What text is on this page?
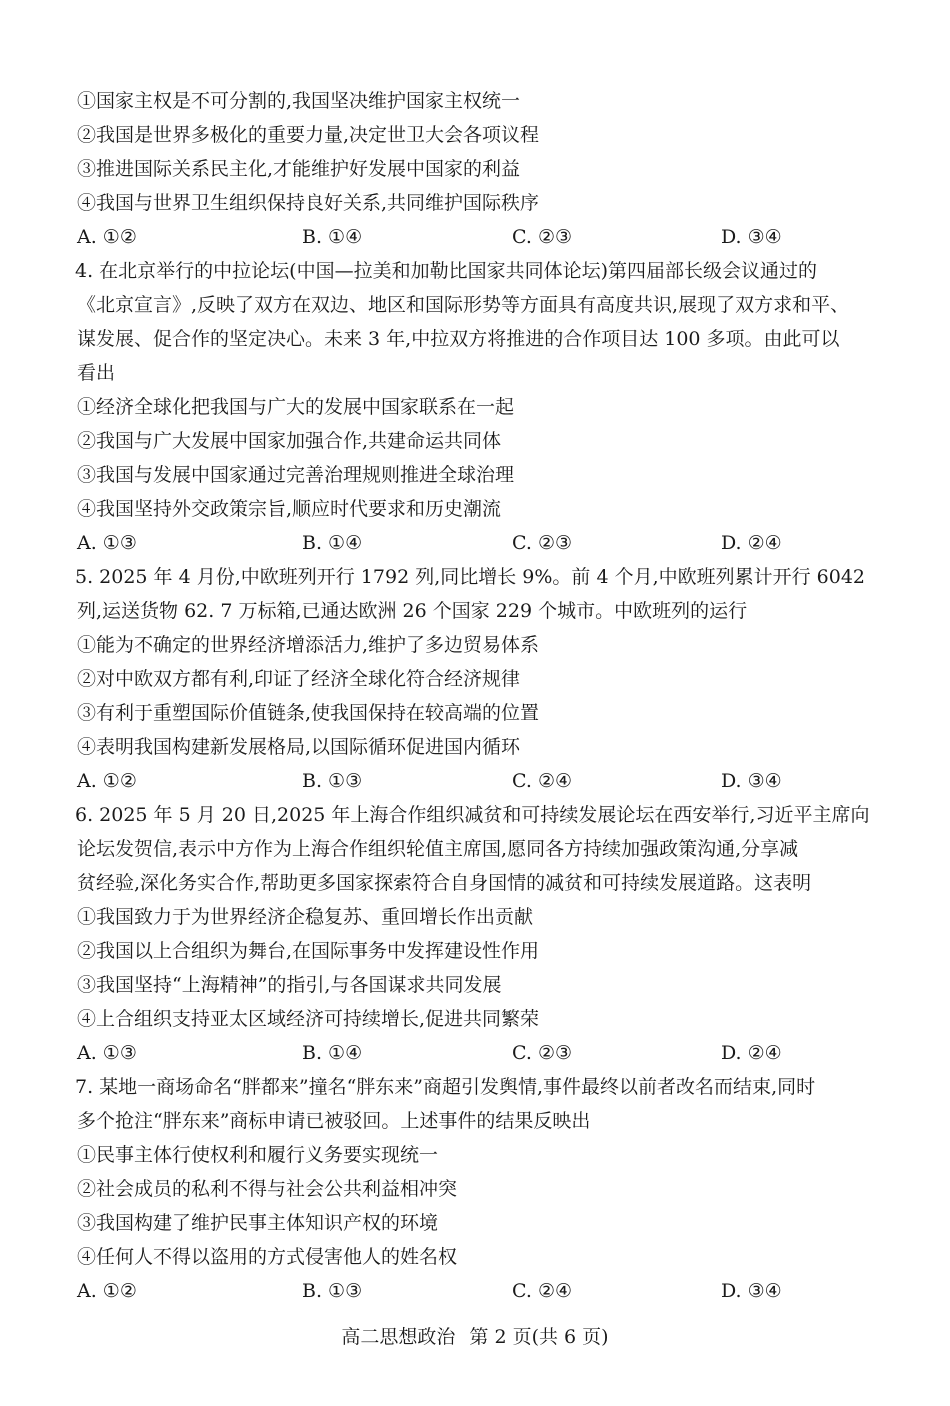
①国家主权是不可分割的,我国坚决维护国家主权统一
②我国是世界多极化的重要力量,决定世卫大会各项议程
③推进国际关系民主化,才能维护好发展中国家的利益
④我国与世界卫生组织保持良好关系,共同维护国际秩序
A. ①②	B. ①④	C. ②③	D. ③④
4. 在北京举行的中拉论坛(中国—拉美和加勒比国家共同体论坛)第四届部长级会议通过的
《北京宣言》,反映了双方在双边、地区和国际形势等方面具有高度共识,展现了双方求和平、
谋发展、促合作的坚定决心。未来 3 年,中拉双方将推进的合作项目达 100 多项。由此可以
看出
①经济全球化把我国与广大的发展中国家联系在一起
②我国与广大发展中国家加强合作,共建命运共同体
③我国与发展中国家通过完善治理规则推进全球治理
④我国坚持外交政策宗旨,顺应时代要求和历史潮流
A. ①③	B. ①④	C. ②③	D. ②④
5. 2025 年 4 月份,中欧班列开行 1792 列,同比增长 9%。前 4 个月,中欧班列累计开行 6042
列,运送货物 62. 7 万标箱,已通达欧洲 26 个国家 229 个城市。中欧班列的运行
①能为不确定的世界经济增添活力,维护了多边贸易体系
②对中欧双方都有利,印证了经济全球化符合经济规律
③有利于重塑国际价值链条,使我国保持在较高端的位置
④表明我国构建新发展格局,以国际循环促进国内循环
A. ①②	B. ①③	C. ②④	D. ③④
6. 2025 年 5 月 20 日,2025 年上海合作组织减贫和可持续发展论坛在西安举行,习近平主席向
论坛发贺信,表示中方作为上海合作组织轮值主席国,愿同各方持续加强政策沟通,分享减
贫经验,深化务实合作,帮助更多国家探索符合自身国情的减贫和可持续发展道路。这表明
①我国致力于为世界经济企稳复苏、重回增长作出贡献
②我国以上合组织为舞台,在国际事务中发挥建设性作用
③我国坚持“上海精神”的指引,与各国谋求共同发展
④上合组织支持亚太区域经济可持续增长,促进共同繁荣
A. ①③	B. ①④	C. ②③	D. ②④
7. 某地一商场命名“胖都来”撞名“胖东来”商超引发舆情,事件最终以前者改名而结束,同时
多个抢注“胖东来”商标申请已被驳回。上述事件的结果反映出
①民事主体行使权利和履行义务要实现统一
②社会成员的私利不得与社会公共利益相冲突
③我国构建了维护民事主体知识产权的环境
④任何人不得以盗用的方式侵害他人的姓名权
A. ①②	B. ①③	C. ②④	D. ③④
高二思想政治 第 2 页(共 6 页)
